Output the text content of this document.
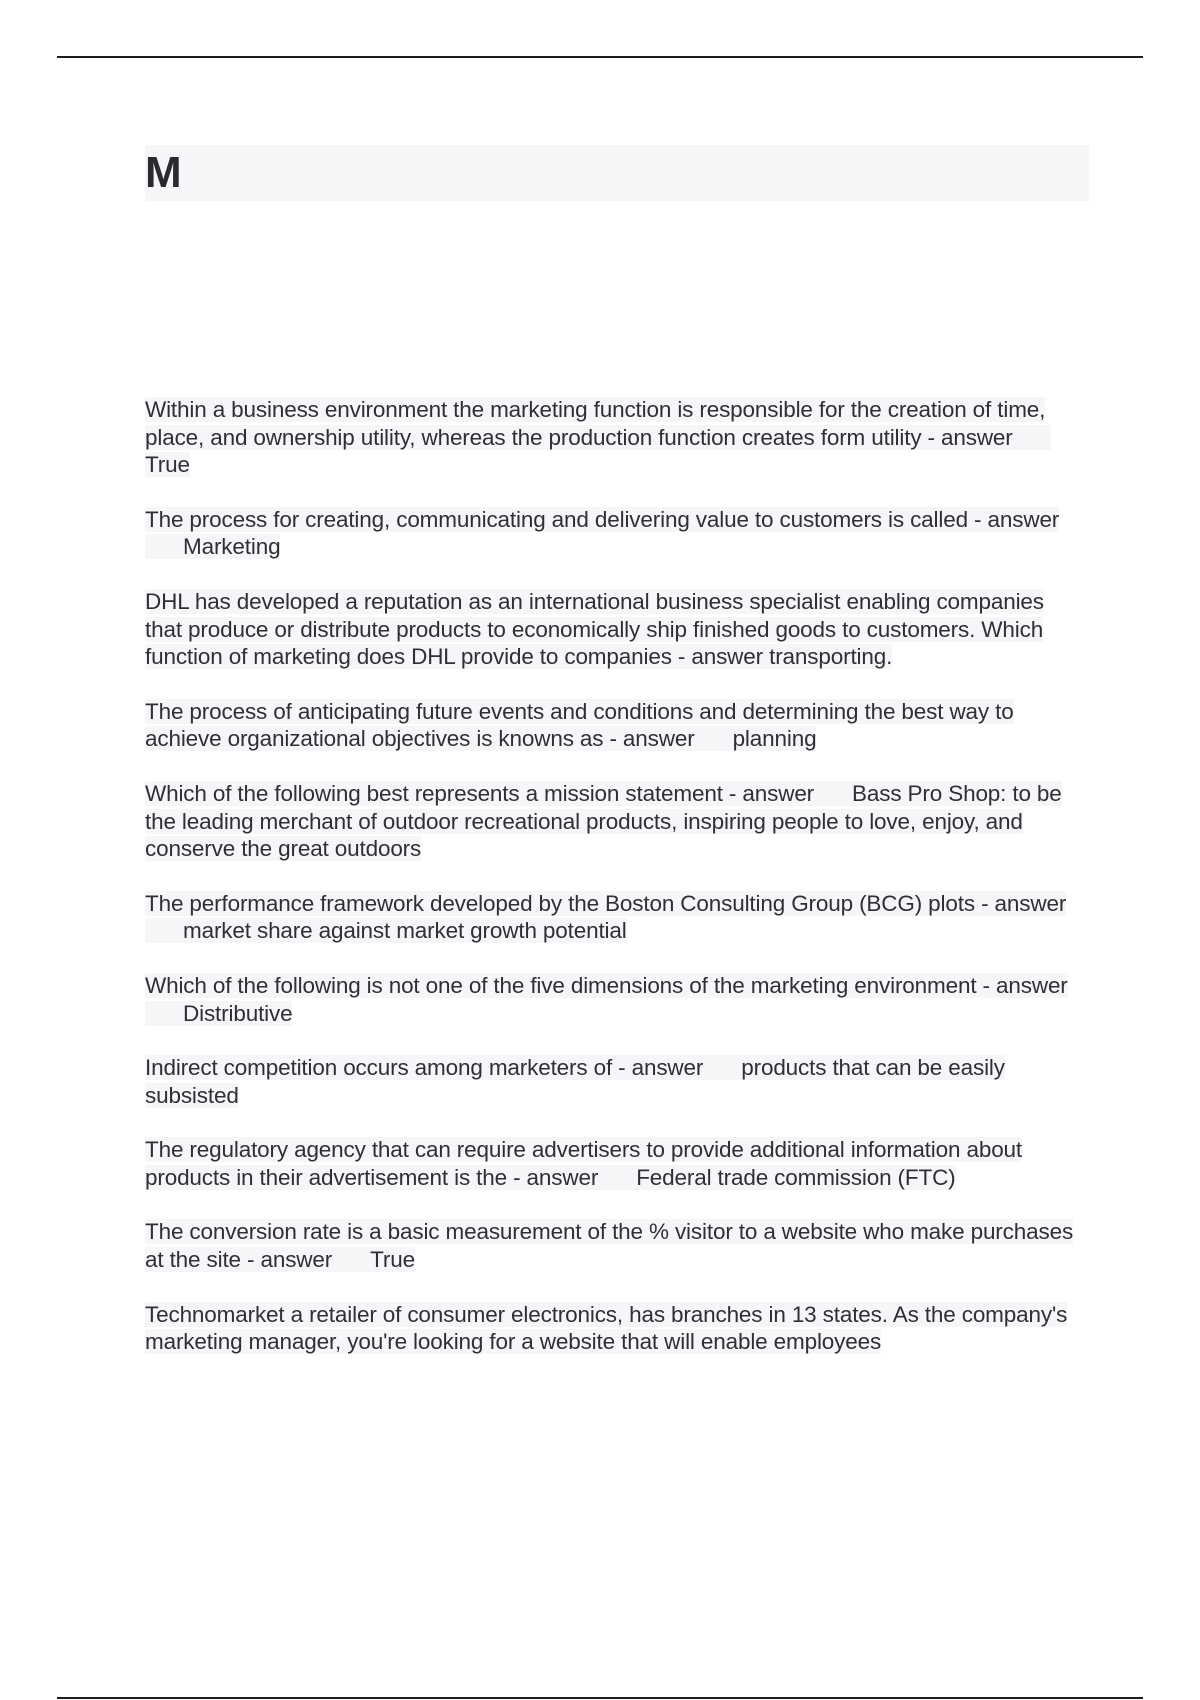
M

Within a business environment the marketing function is responsible for the creation of time, place, and ownership utility, whereas the production function creates form utility - answerTrue

The process for creating, communicating and delivering value to customers is called - answerMarketing

DHL has developed a reputation as an international business specialist enabling companies that produce or distribute products to economically ship finished goods to customers. Which function of marketing does DHL provide to companies - answer transporting.

The process of anticipating future events and conditions and determining the best way to achieve organizational objectives is knowns as - answer planning

Which of the following best represents a mission statement - answer Bass Pro Shop: to be the leading merchant of outdoor recreational products, inspiring people to love, enjoy, and conserve the great outdoors

The performance framework developed by the Boston Consulting Group (BCG) plots - answermarket share against market growth potential

Which of the following is not one of the five dimensions of the marketing environment - answerDistributive

Indirect competition occurs among marketers of - answer products that can be easily subsisted

The regulatory agency that can require advertisers to provide additional information about products in their advertisement is the - answer Federal trade commission (FTC)

The conversion rate is a basic measurement of the % visitor to a website who make purchases at the site - answer True

Technomarket a retailer of consumer electronics, has branches in 13 states. As the company's marketing manager, you're looking for a website that will enable employees
